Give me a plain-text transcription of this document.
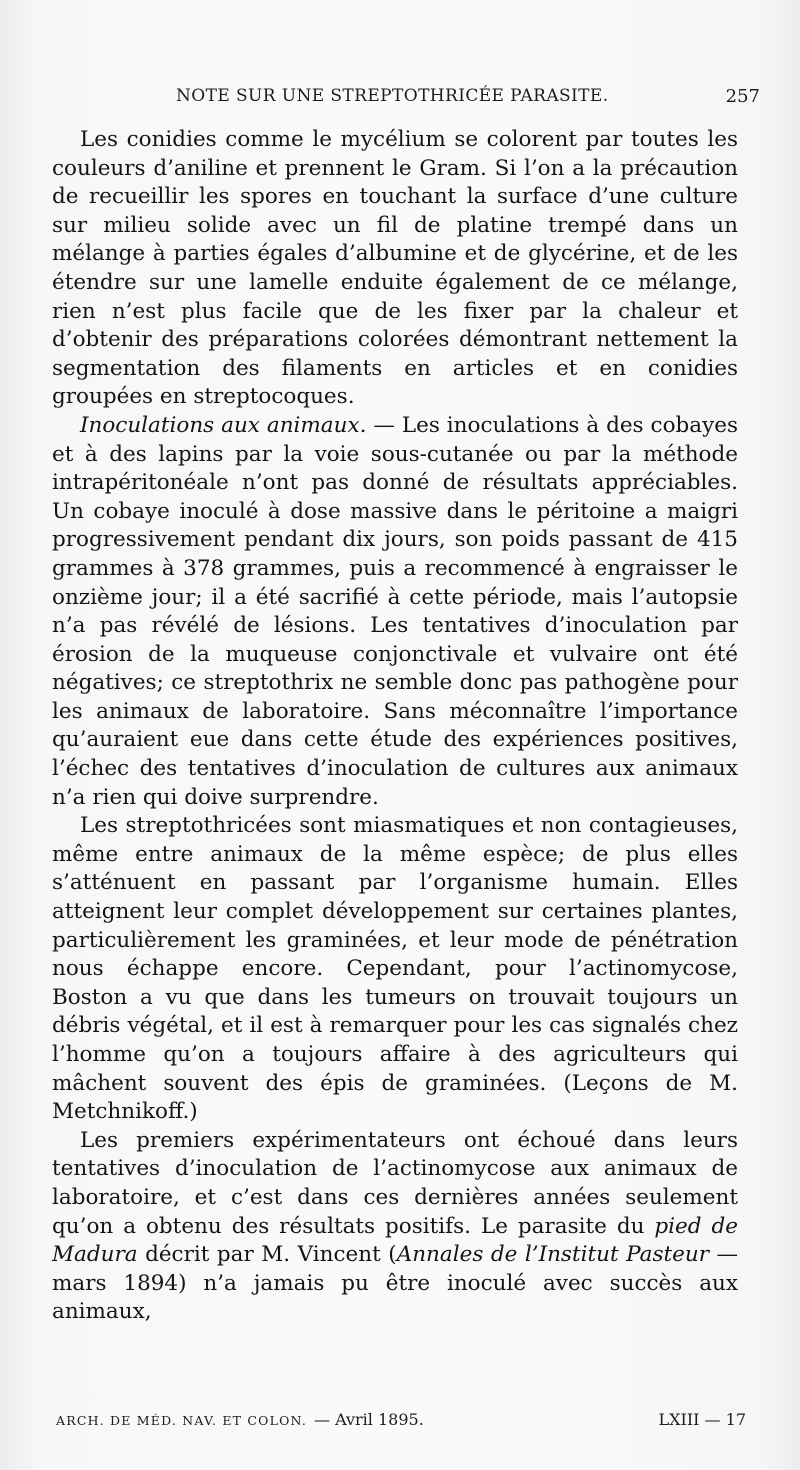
NOTE SUR UNE STREPTOTHRICÉE PARASITE.	257

Les conidies comme le mycélium se colorent par toutes les couleurs d’aniline et prennent le Gram. Si l’on a la précaution de recueillir les spores en touchant la surface d’une culture sur milieu solide avec un fil de platine trempé dans un mélange à parties égales d’albumine et de glycérine, et de les étendre sur une lamelle enduite également de ce mélange, rien n’est plus facile que de les fixer par la chaleur et d’obtenir des préparations colorées démontrant nettement la segmentation des filaments en articles et en conidies groupées en streptocoques.

Inoculations aux animaux. — Les inoculations à des cobayes et à des lapins par la voie sous-cutanée ou par la méthode intrapéritonéale n’ont pas donné de résultats appréciables. Un cobaye inoculé à dose massive dans le péritoine a maigri progressivement pendant dix jours, son poids passant de 415 grammes à 378 grammes, puis a recommencé à engraisser le onzième jour; il a été sacrifié à cette période, mais l’autopsie n’a pas révélé de lésions. Les tentatives d’inoculation par érosion de la muqueuse conjonctivale et vulvaire ont été négatives; ce streptothrix ne semble donc pas pathogène pour les animaux de laboratoire. Sans méconnaître l’importance qu’auraient eue dans cette étude des expériences positives, l’échec des tentatives d’inoculation de cultures aux animaux n’a rien qui doive surprendre.

Les streptothricées sont miasmatiques et non contagieuses, même entre animaux de la même espèce; de plus elles s’atténuent en passant par l’organisme humain. Elles atteignent leur complet développement sur certaines plantes, particulièrement les graminées, et leur mode de pénétration nous échappe encore. Cependant, pour l’actinomycose, Boston a vu que dans les tumeurs on trouvait toujours un débris végétal, et il est à remarquer pour les cas signalés chez l’homme qu’on a toujours affaire à des agriculteurs qui mâchent souvent des épis de graminées. (Leçons de M. Metchnikoff.)

Les premiers expérimentateurs ont échoué dans leurs tentatives d’inoculation de l’actinomycose aux animaux de laboratoire, et c’est dans ces dernières années seulement qu’on a obtenu des résultats positifs. Le parasite du pied de Madura décrit par M. Vincent (Annales de l’Institut Pasteur — mars 1894) n’a jamais pu être inoculé avec succès aux animaux,

ARCH. DE MÉD. NAV. ET COLON. — Avril 1895.	LXIII — 17
